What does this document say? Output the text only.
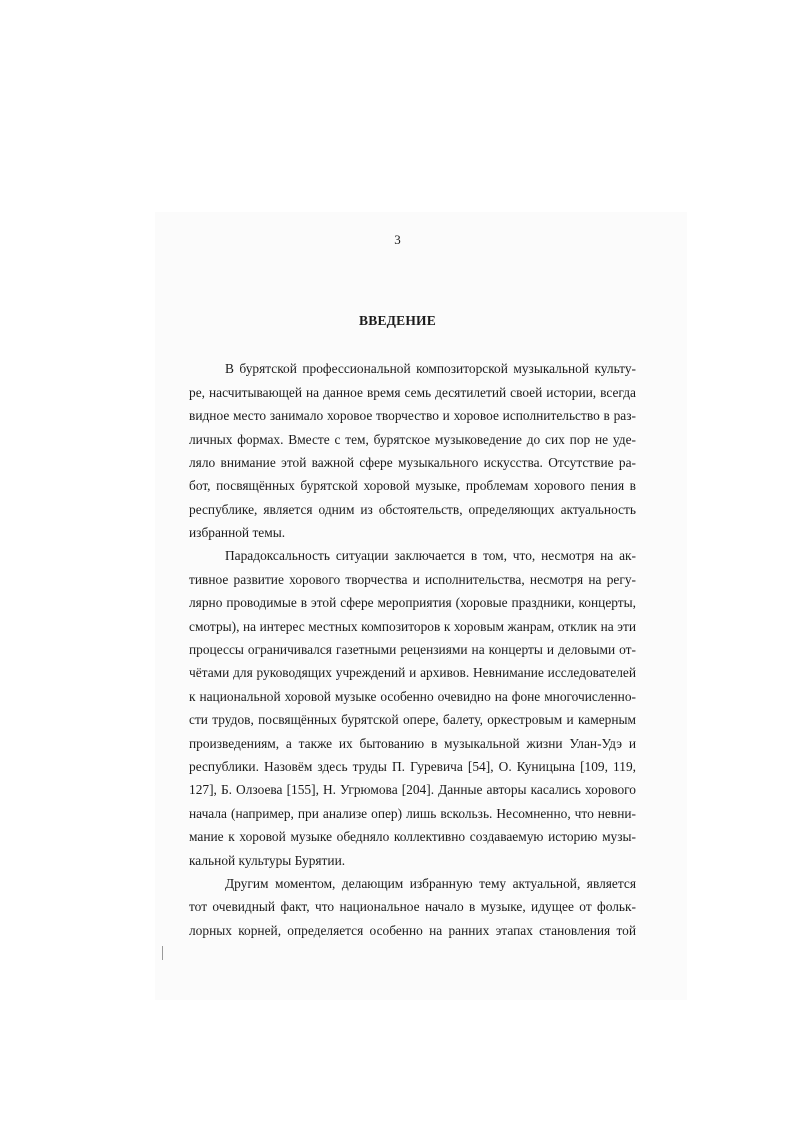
3
ВВЕДЕНИЕ
В бурятской профессиональной композиторской музыкальной культу-
ре, насчитывающей на данное время семь десятилетий своей истории, всегда
видное место занимало хоровое творчество и хоровое исполнительство в раз-
личных формах. Вместе с тем, бурятское музыковедение до сих пор не уде-
ляло внимание этой важной сфере музыкального искусства. Отсутствие ра-
бот, посвящённых бурятской хоровой музыке, проблемам хорового пения в
республике, является одним из обстоятельств, определяющих актуальность
избранной темы.
Парадоксальность ситуации заключается в том, что, несмотря на ак-
тивное развитие хорового творчества и исполнительства, несмотря на регу-
лярно проводимые в этой сфере мероприятия (хоровые праздники, концерты,
смотры), на интерес местных композиторов к хоровым жанрам, отклик на эти
процессы ограничивался газетными рецензиями на концерты и деловыми от-
чётами для руководящих учреждений и архивов. Невнимание исследователей
к национальной хоровой музыке особенно очевидно на фоне многочисленно-
сти трудов, посвящённых бурятской опере, балету, оркестровым и камерным
произведениям, а также их бытованию в музыкальной жизни Улан-Удэ и
республики. Назовём здесь труды П. Гуревича [54], О. Куницына [109, 119,
127], Б. Олзоева [155], Н. Угрюмова [204]. Данные авторы касались хорового
начала (например, при анализе опер) лишь вскользь. Несомненно, что невни-
мание к хоровой музыке обедняло коллективно создаваемую историю музы-
кальной культуры Бурятии.
Другим моментом, делающим избранную тему актуальной, является
тот очевидный факт, что национальное начало в музыке, идущее от фольк-
лорных корней, определяется особенно на ранних этапах становления той
